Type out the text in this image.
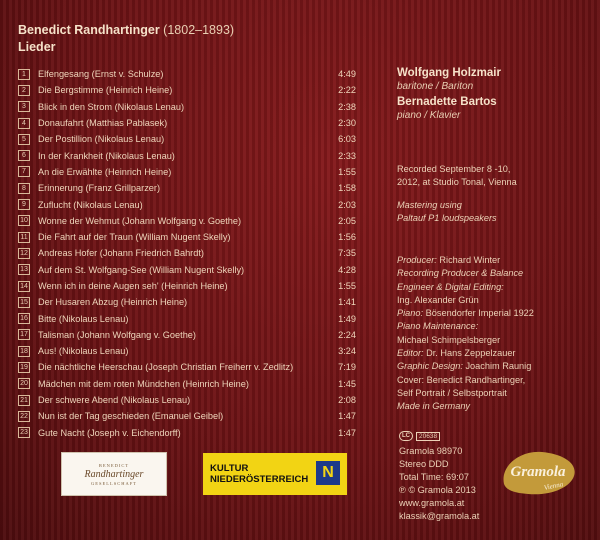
Benedict Randhartinger (1802–1893)
Lieder
1	Elfengesang (Ernst v. Schulze)	4:49
2	Die Bergstimme (Heinrich Heine)	2:22
3	Blick in den Strom (Nikolaus Lenau)	2:38
4	Donaufahrt (Matthias Pablasek)	2:30
5	Der Postillion (Nikolaus Lenau)	6:03
6	In der Krankheit (Nikolaus Lenau)	2:33
7	An die Erwählte (Heinrich Heine)	1:55
8	Erinnerung (Franz Grillparzer)	1:58
9	Zuflucht (Nikolaus Lenau)	2:03
10 Wonne der Wehmut (Johann Wolfgang v. Goethe)	2:05
11 Die Fahrt auf der Traun (William Nugent Skelly)	1:56
12 Andreas Hofer (Johann Friedrich Bahrdt)	7:35
13 Auf dem St. Wolfgang-See (William Nugent Skelly)	4:28
14 Wenn ich in deine Augen seh' (Heinrich Heine)	1:55
15 Der Husaren Abzug (Heinrich Heine)	1:41
16 Bitte (Nikolaus Lenau)	1:49
17 Talisman (Johann Wolfgang v. Goethe)	2:24
18 Aus! (Nikolaus Lenau)	3:24
19 Die nächtliche Heerschau (Joseph Christian Freiherr v. Zedlitz)	7:19
20 Mädchen mit dem roten Mündchen (Heinrich Heine)	1:45
21 Der schwere Abend (Nikolaus Lenau)	2:08
22 Nun ist der Tag geschieden (Emanuel Geibel)	1:47
23 Gute Nacht (Joseph v. Eichendorff)	1:47
Wolfgang Holzmair
baritone / Bariton
Bernadette Bartos
piano / Klavier
Recorded September 8 -10,
2012, at Studio Tonal, Vienna
Mastering using
Paltauf P1 loudspeakers
Producer: Richard Winter
Recording Producer & Balance
Engineer & Digital Editing:
Ing. Alexander Grün
Piano: Bösendorfer Imperial 1922
Piano Maintenance:
Michael Schimpelsberger
Editor: Dr. Hans Zeppelzauer
Graphic Design: Joachim Raunig
Cover: Benedict Randhartinger,
Self Portrait / Selbstportrait
Made in Germany
LC	20638
Gramola 98970
Stereo DDD
Total Time: 69:07
℗ © Gramola 2013
www.gramola.at
klassik@gramola.at
Gramola
Vienna
BENEDICT
Randhartinger
GESELLSCHAFT
KULTUR
NIEDERÖSTERREICH N
